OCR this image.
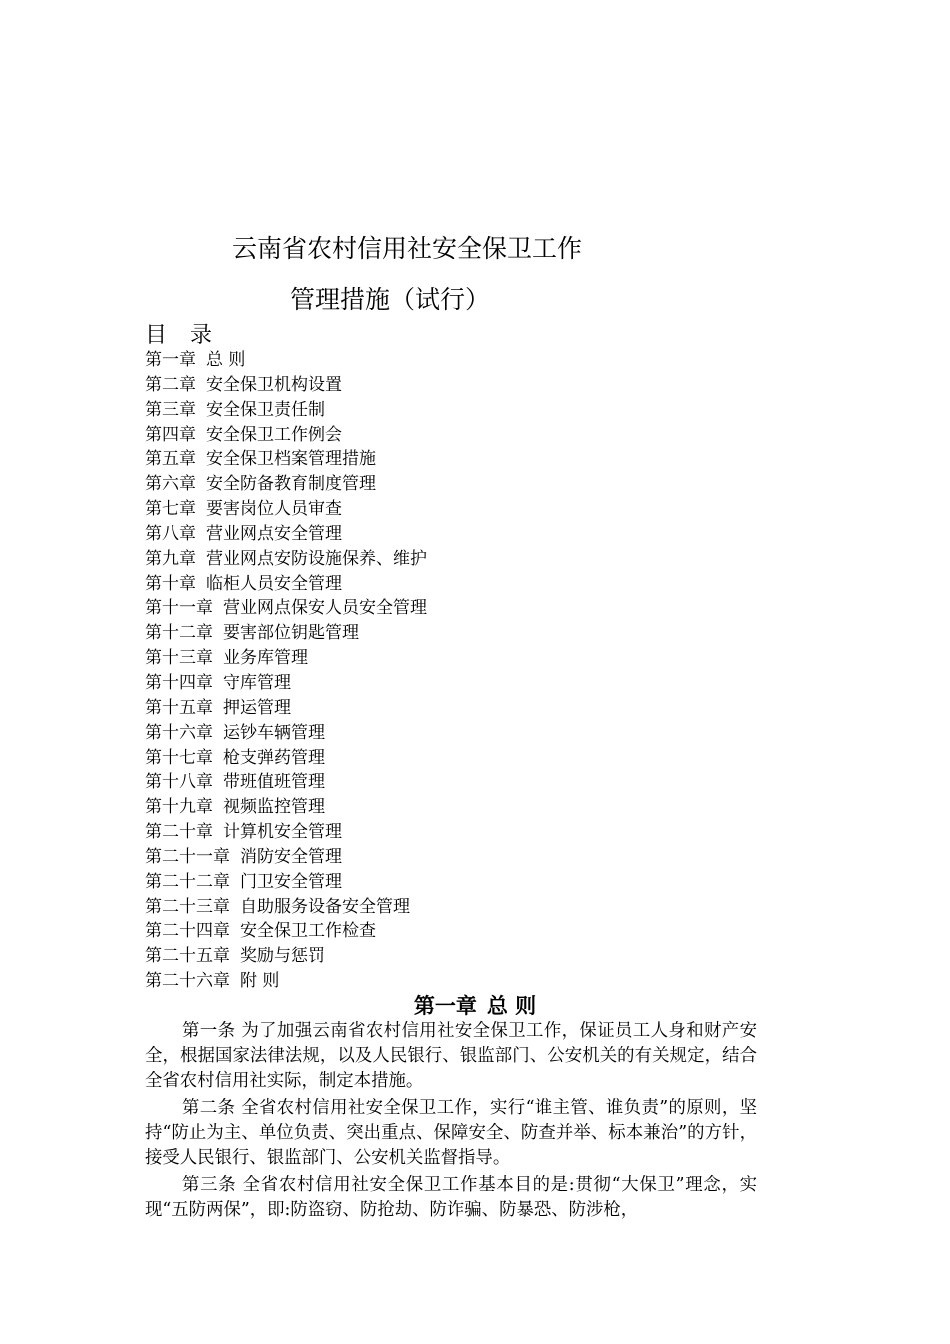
云南省农村信用社安全保卫工作
管理措施（试行）
目 录
第一章 总 则
第二章 安全保卫机构设置
第三章 安全保卫责任制
第四章 安全保卫工作例会
第五章 安全保卫档案管理措施
第六章 安全防备教育制度管理
第七章 要害岗位人员审查
第八章 营业网点安全管理
第九章 营业网点安防设施保养、维护
第十章 临柜人员安全管理
第十一章 营业网点保安人员安全管理
第十二章 要害部位钥匙管理
第十三章 业务库管理
第十四章 守库管理
第十五章 押运管理
第十六章 运钞车辆管理
第十七章 枪支弹药管理
第十八章 带班值班管理
第十九章 视频监控管理
第二十章 计算机安全管理
第二十一章 消防安全管理
第二十二章 门卫安全管理
第二十三章 自助服务设备安全管理
第二十四章 安全保卫工作检查
第二十五章 奖励与惩罚
第二十六章 附 则
第一章 总 则

第一条 为了加强云南省农村信用社安全保卫工作，保证员工人身和财产安全，根据国家法律法规，以及人民银行、银监部门、公安机关的有关规定，结合全省农村信用社实际，制定本措施。

第二条 全省农村信用社安全保卫工作，实行“谁主管、谁负责”的原则，坚持“防止为主、单位负责、突出重点、保障安全、防查并举、标本兼治”的方针，接受人民银行、银监部门、公安机关监督指导。

第三条 全省农村信用社安全保卫工作基本目的是:贯彻“大保卫”理念，实现“五防两保”，即:防盗窃、防抢劫、防诈骗、防暴恐、防涉枪，
